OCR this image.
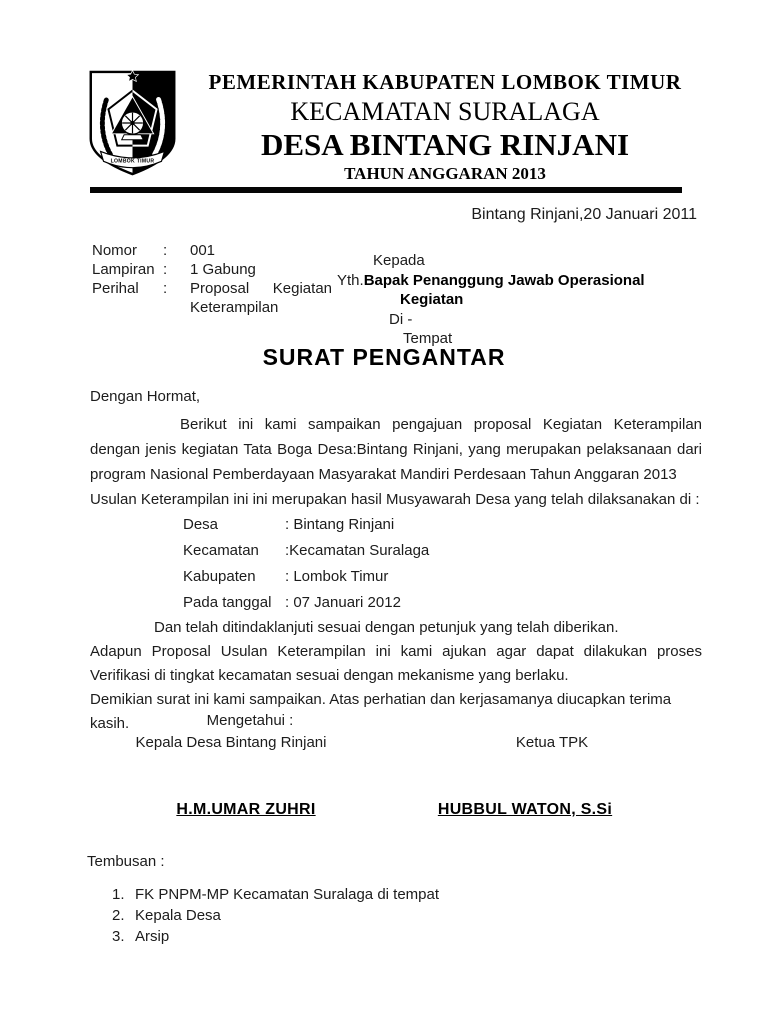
LOMBOK TIMUR
PEMERINTAH KABUPATEN LOMBOK TIMUR
KECAMATAN SURALAGA
DESA BINTANG RINJANI
TAHUN ANGGARAN 2013
Bintang Rinjani,20 Januari 2011
Nomor	:	001
Lampiran :	1 Gabung
Perihal	:	Proposal Kegiatan
Keterampilan
Kepada
Yth.Bapak Penanggung Jawab Operasional
Kegiatan
Di -
Tempat
SURAT PENGANTAR
Dengan Hormat,

Berikut ini kami sampaikan pengajuan proposal Kegiatan Keterampilan dengan jenis kegiatan Tata Boga Desa:Bintang Rinjani, yang merupakan pelaksanaan dari program Nasional Pemberdayaan Masyarakat Mandiri Perdesaan Tahun Anggaran 2013

Usulan Keterampilan ini ini merupakan hasil Musyawarah Desa yang telah dilaksanakan di :

Desa	: Bintang Rinjani
Kecamatan	:Kecamatan Suralaga
Kabupaten	: Lombok Timur
Pada tanggal : 07 Januari 2012

Dan telah ditindaklanjuti sesuai dengan petunjuk yang telah diberikan.

Adapun Proposal Usulan Keterampilan ini kami ajukan agar dapat dilakukan proses Verifikasi di tingkat kecamatan sesuai dengan mekanisme yang berlaku.

Demikian surat ini kami sampaikan. Atas perhatian dan kerjasamanya diucapkan terima kasih.	Mengetahui :
Kepala Desa Bintang Rinjani	Ketua TPK
H.M.UMAR ZUHRI	HUBBUL WATON, S.Si
Tembusan :
1. FK PNPM-MP Kecamatan Suralaga di tempat
2. Kepala Desa
3. Arsip
